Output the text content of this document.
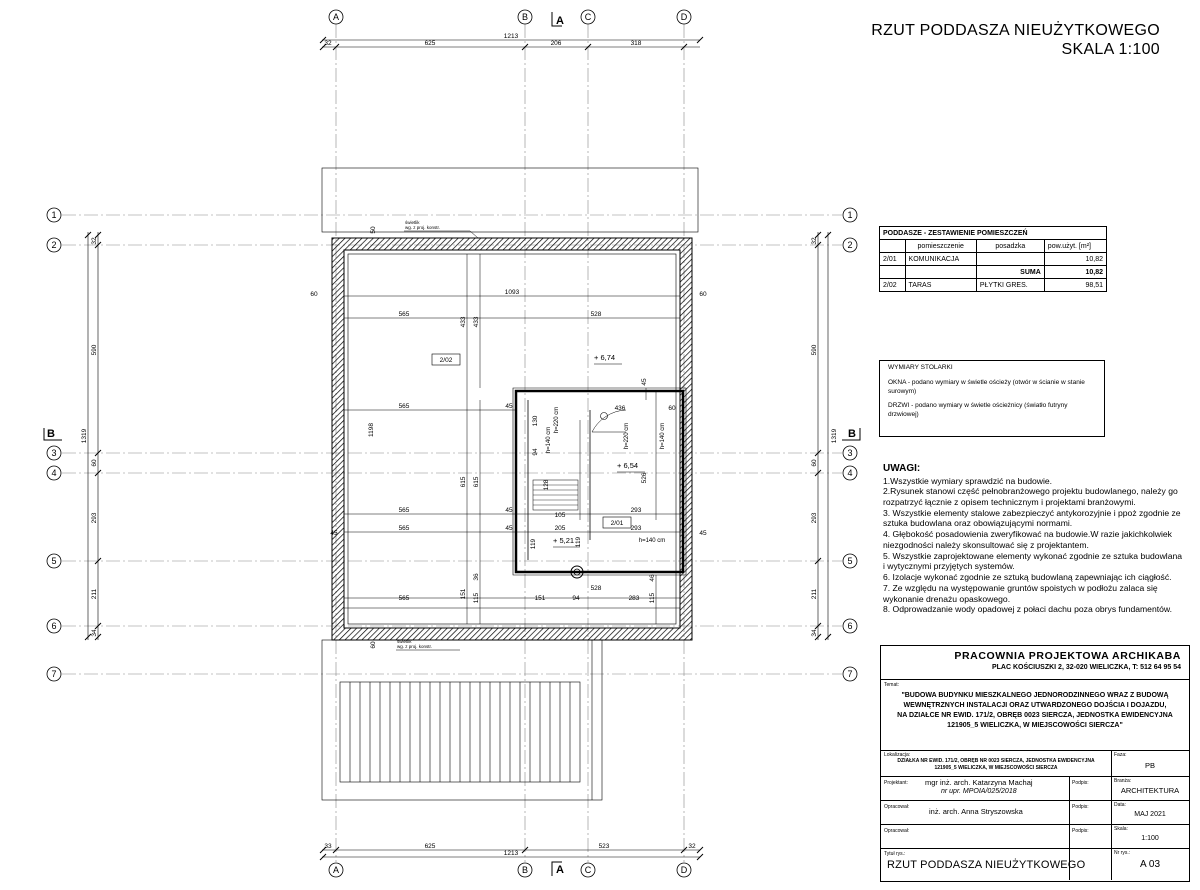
A	B	C	D
A	B	C	D
1
2
3
4
5
6
7
1
2
3
4
5
6
7
A
A
B	B
1213
32	625	206	318
33	625	523	32
1213
1319
32
590
60
293
211
34
32
590
60
293
211
34
1319
1093
565	528
565	45	436
565	45	293
565	45	205	293
528
565	151	94	283
60	60
45	45
60
105
433 433
1198
615 615
151 115	115
36	46
45
526
130
94
128
119	119
50
60
h=140 cm
h=220 cm
h=220 cm	h=140 cm
h=140 cm
+ 6,74
+ 6,54
+ 5,21
2/02
2/01
świetlik
wg. z proj. konstr.
świetlik
wg. z proj. konstr.
RZUT PODDASZA NIEUŻYTKOWEGO
SKALA 1:100
PODDASZE - ZESTAWIENIE POMIESZCZEŃ			
	pomieszczenie	posadzka	pow.użyt. [m²]
2/01	KOMUNIKACJA		10,82
		SUMA	10,82
2/02	TARAS	PŁYTKI GRES.	98,51

WYMIARY STOLARKI

OKNA - podano wymiary w świetle ościeży (otwór w ścianie w stanie surowym)

DRZWI - podano wymiary w świetle ościeżnicy (światło futryny drzwiowej)

UWAGI:

1.Wszystkie wymiary sprawdzić na budowie.

2.Rysunek stanowi część pełnobranżowego projektu budowlanego, należy go rozpatrzyć łącznie z opisem technicznym i projektami branżowymi.

3. Wszystkie elementy stalowe zabezpieczyć antykorozyjnie i ppoż zgodnie ze sztuka budowlana oraz obowiązującymi normami.

4. Głębokość posadowienia zweryfikować na budowie.W razie jakichkolwiek niezgodności należy skonsultować się z projektantem.

5. Wszystkie zaprojektowane elementy wykonać zgodnie ze sztuka budowlana i wytycznymi przyjętych systemów.

6. Izolacje wykonać zgodnie ze sztuką budowlaną zapewniając ich ciągłość.

7. Ze względu na występowanie gruntów spoistych w podłożu zalaca się wykonanie drenażu opaskowego.

8. Odprowadzanie wody opadowej z połaci dachu poza obrys fundamentów.

PRACOWNIA PROJEKTOWA ARCHIKABA
PLAC KOŚCIUSZKI 2, 32-020 WIELICZKA, T: 512 64 95 54
Temat:
"BUDOWA BUDYNKU MIESZKALNEGO JEDNORODZINNEGO WRAZ Z BUDOWĄ
WEWNĘTRZNYCH INSTALACJI ORAZ UTWARDZONEGO DOJŚCIA I DOJAZDU,
NA DZIAŁCE NR EWID. 171/2, OBRĘB 0023 SIERCZA, JEDNOSTKA EWIDENCYJNA
121905_5 WIELICZKA, W MIEJSCOWOŚCI SIERCZA"
Lokalizacja:
DZIAŁKA NR EWID. 171/2, OBRĘB NR 0023 SIERCZA, JEDNOSTKA EWIDENCYJNA
121905_5 WIELICZKA, W MIEJSCOWOŚCI SIERCZA
Faza:
PB
Projektant: mgr inż. arch. Katarzyna Machaj
nr upr. MPOIA/025/2018
Podpis:	Branża:
ARCHITEKTURA
Opracował:	inż. arch. Anna Stryszowska	Podpis:	Data:
MAJ 2021
Opracował:	Podpis:	Skala:
1:100
Tytuł rys.:
RZUT PODDASZA NIEUŻYTKOWEGO
Nr rys.:
A 03
